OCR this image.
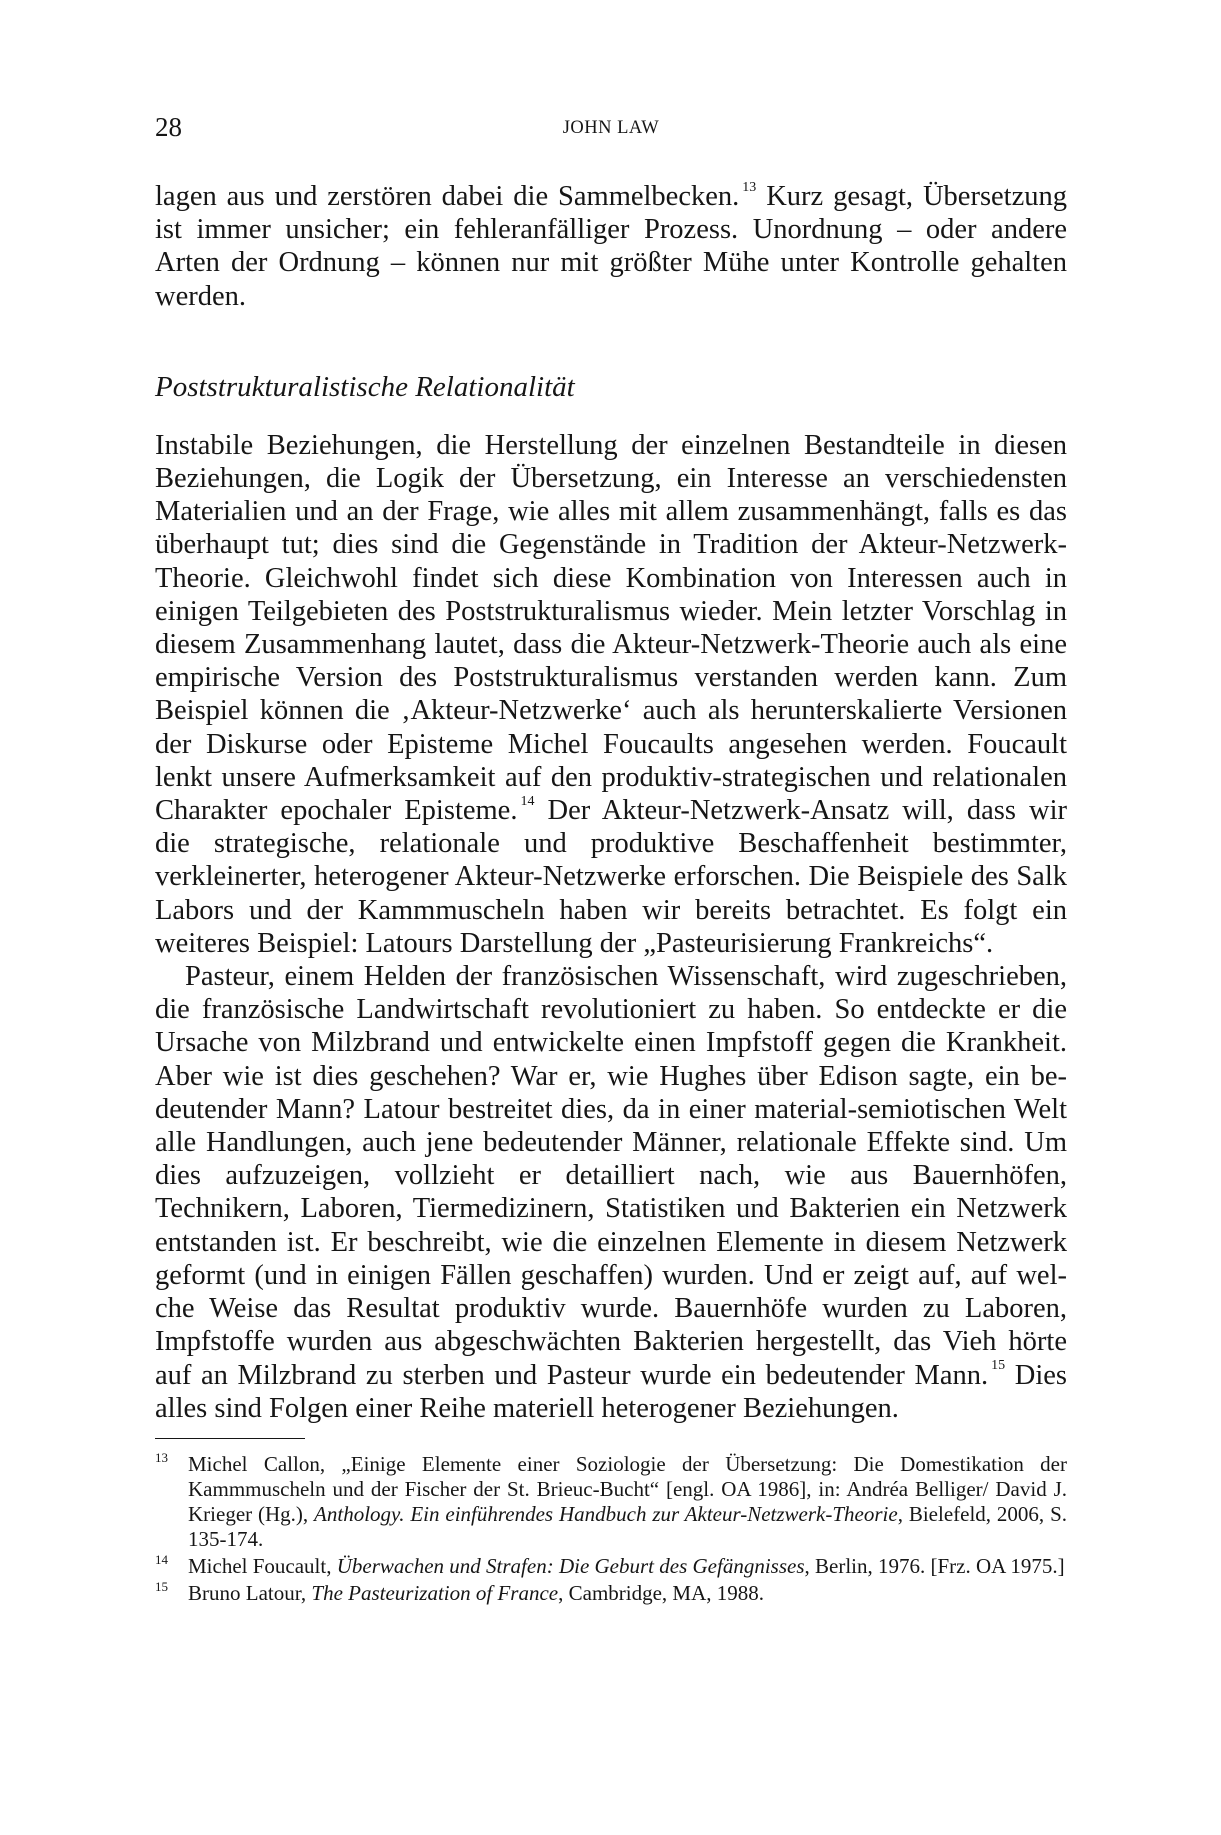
28	JOHN LAW

lagen aus und zerstören dabei die Sammelbecken. $^{13}$ Kurz gesagt, Übersetzung ist immer unsicher; ein fehleranfälliger Prozess. Unordnung – oder andere Arten der Ordnung – können nur mit größter Mühe unter Kontrolle gehalten werden.

Poststrukturalistische Relationalität

Instabile Beziehungen, die Herstellung der einzelnen Bestandteile in diesen Beziehungen, die Logik der Übersetzung, ein Interesse an verschiedensten Materialien und an der Frage, wie alles mit allem zusammenhängt, falls es das überhaupt tut; dies sind die Gegenstände in Tradition der Akteur-Netzwerk-Theorie. Gleichwohl findet sich diese Kombination von Interessen auch in einigen Teilgebieten des Poststrukturalismus wieder. Mein letzter Vorschlag in diesem Zusammenhang lautet, dass die Akteur-Netzwerk-Theorie auch als eine empirische Version des Poststrukturalismus verstanden werden kann. Zum Beispiel können die ‚Akteur-Netzwerke‘ auch als herunterskalierte Versionen der Diskurse oder Episteme Michel Foucaults angesehen werden. Foucault lenkt unsere Aufmerksamkeit auf den produktiv-strategischen und relationalen Charakter epochaler Episteme. $^{14}$ Der Akteur-Netzwerk-Ansatz will, dass wir die strategische, relationale und produktive Beschaffenheit bestimmter, verkleinerter, heterogener Akteur-Netzwerke erforschen. Die Beispiele des Salk Labors und der Kammmuscheln haben wir bereits betrachtet. Es folgt ein weiteres Beispiel: Latours Darstellung der „Pasteurisierung Frankreichs“.

Pasteur, einem Helden der französischen Wissenschaft, wird zugeschrieben, die französische Landwirtschaft revolutioniert zu haben. So entdeckte er die Ursache von Milzbrand und entwickelte einen Impfstoff gegen die Krankheit. Aber wie ist dies geschehen? War er, wie Hughes über Edison sagte, ein bedeutender Mann? Latour bestreitet dies, da in einer material-semiotischen Welt alle Handlungen, auch jene bedeutender Männer, relationale Effekte sind. Um dies aufzuzeigen, vollzieht er detailliert nach, wie aus Bauernhöfen, Technikern, Laboren, Tiermedizinern, Statistiken und Bakterien ein Netzwerk entstanden ist. Er beschreibt, wie die einzelnen Elemente in diesem Netzwerk geformt (und in einigen Fällen geschaffen) wurden. Und er zeigt auf, auf welche Weise das Resultat produktiv wurde. Bauernhöfe wurden zu Laboren, Impfstoffe wurden aus abgeschwächten Bakterien hergestellt, das Vieh hörte auf an Milzbrand zu sterben und Pasteur wurde ein bedeutender Mann. $^{15}$ Dies alles sind Folgen einer Reihe materiell heterogener Beziehungen.

13 Michel Callon, „Einige Elemente einer Soziologie der Übersetzung: Die Domestikation der Kammmuscheln und der Fischer der St. Brieuc-Bucht“ [engl. OA 1986], in: Andréa Belliger/ David J. Krieger (Hg.), Anthology. Ein einführendes Handbuch zur Akteur-Netzwerk-Theorie, Bielefeld, 2006, S. 135-174.
14 Michel Foucault, Überwachen und Strafen: Die Geburt des Gefängnisses, Berlin, 1976. [Frz. OA 1975.]
15 Bruno Latour, The Pasteurization of France, Cambridge, MA, 1988.
